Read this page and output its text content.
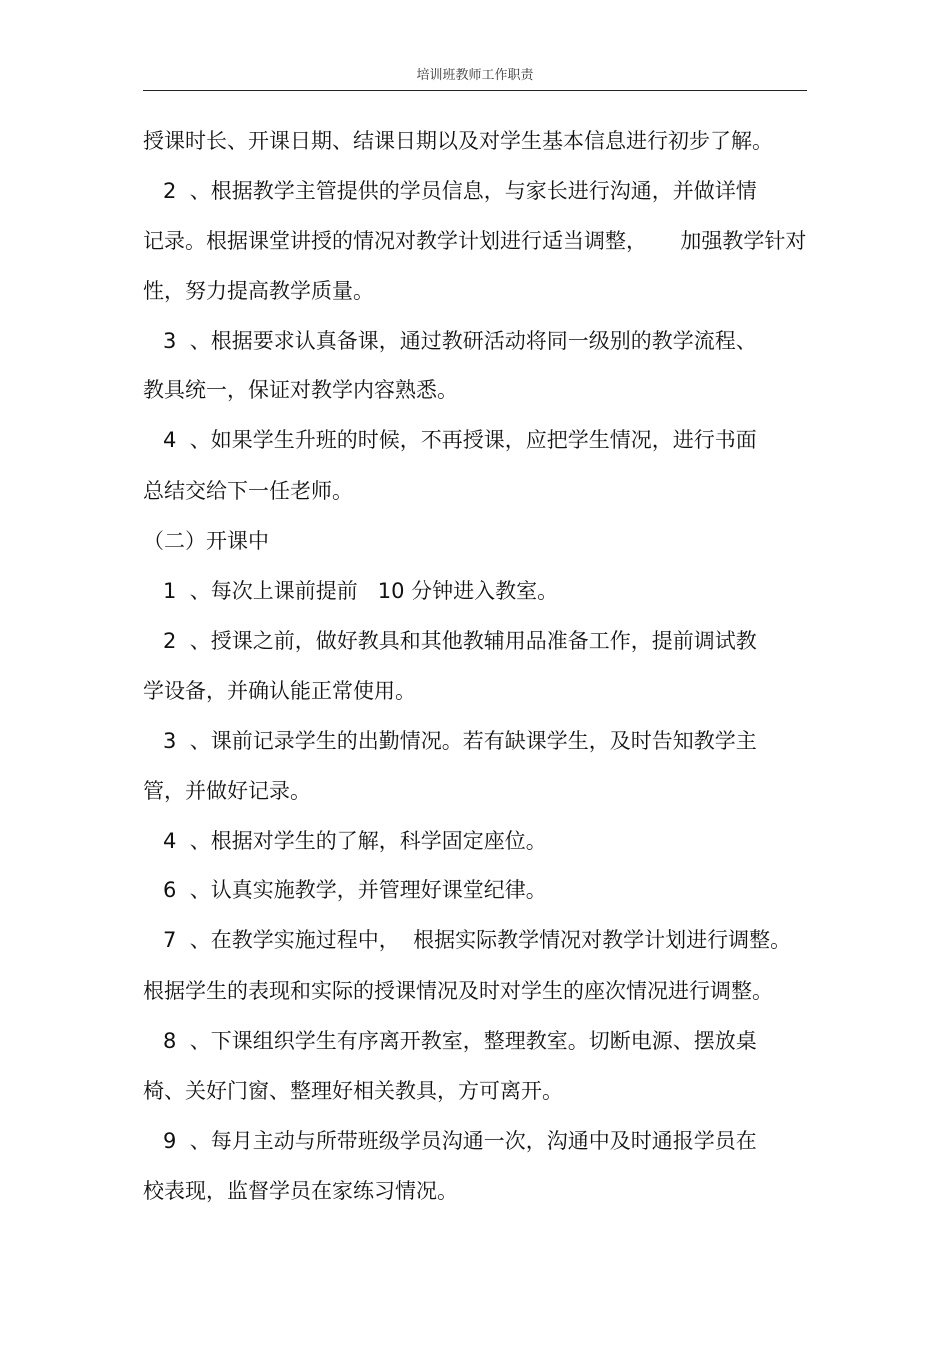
培训班教师工作职责
授课时长、开课日期、结课日期以及对学生基本信息进行初步了解。
2  、根据教学主管提供的学员信息，与家长进行沟通，并做详情
记录。根据课堂讲授的情况对教学计划进行适当调整，     加强教学针对
性，努力提高教学质量。
3  、根据要求认真备课，通过教研活动将同一级别的教学流程、
教具统一，保证对教学内容熟悉。
4  、如果学生升班的时候，不再授课，应把学生情况，进行书面
总结交给下一任老师。
（二）开课中
1  、每次上课前提前   10 分钟进入教室。
2  、授课之前，做好教具和其他教辅用品准备工作，提前调试教
学设备，并确认能正常使用。
3  、课前记录学生的出勤情况。若有缺课学生，及时告知教学主
管，并做好记录。
4  、根据对学生的了解，科学固定座位。
6  、认真实施教学，并管理好课堂纪律。
7  、在教学实施过程中，  根据实际教学情况对教学计划进行调整。
根据学生的表现和实际的授课情况及时对学生的座次情况进行调整。
8  、下课组织学生有序离开教室，整理教室。切断电源、摆放桌
椅、关好门窗、整理好相关教具，方可离开。
9  、每月主动与所带班级学员沟通一次，沟通中及时通报学员在
校表现，监督学员在家练习情况。
